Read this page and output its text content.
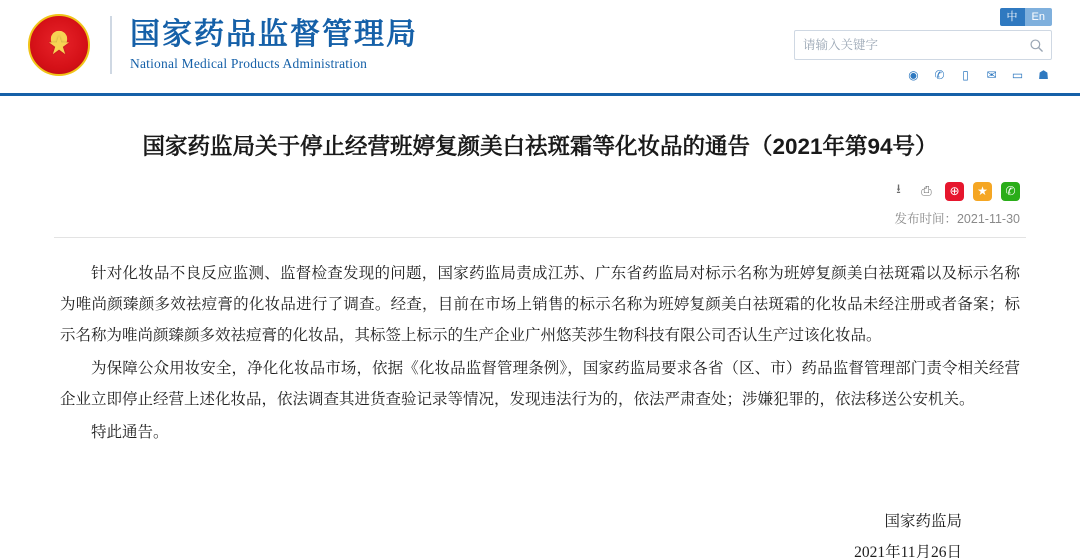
★
国家药品监督管理局
National Medical Products Administration
中	En
请输入关键字
◉ ✆	▯	✉ ▭ ☗
国家药监局关于停止经营班婷复颜美白祛斑霜等化妆品的通告（2021年第94号）
⭳	⎙	⊕	★	✆
发布时间：2021-11-30

针对化妆品不良反应监测、监督检查发现的问题，国家药监局责成江苏、广东省药监局对标示名称为班婷复颜美白祛斑霜以及标示名称为唯尚颜臻颜多效祛痘膏的化妆品进行了调查。经查，目前在市场上销售的标示名称为班婷复颜美白祛斑霜的化妆品未经注册或者备案；标示名称为唯尚颜臻颜多效祛痘膏的化妆品，其标签上标示的生产企业广州悠芙莎生物科技有限公司否认生产过该化妆品。

为保障公众用妆安全，净化化妆品市场，依据《化妆品监督管理条例》，国家药监局要求各省（区、市）药品监督管理部门责令相关经营企业立即停止经营上述化妆品，依法调查其进货查验记录等情况，发现违法行为的，依法严肃查处；涉嫌犯罪的，依法移送公安机关。

特此通告。

国家药监局
2021年11月26日
